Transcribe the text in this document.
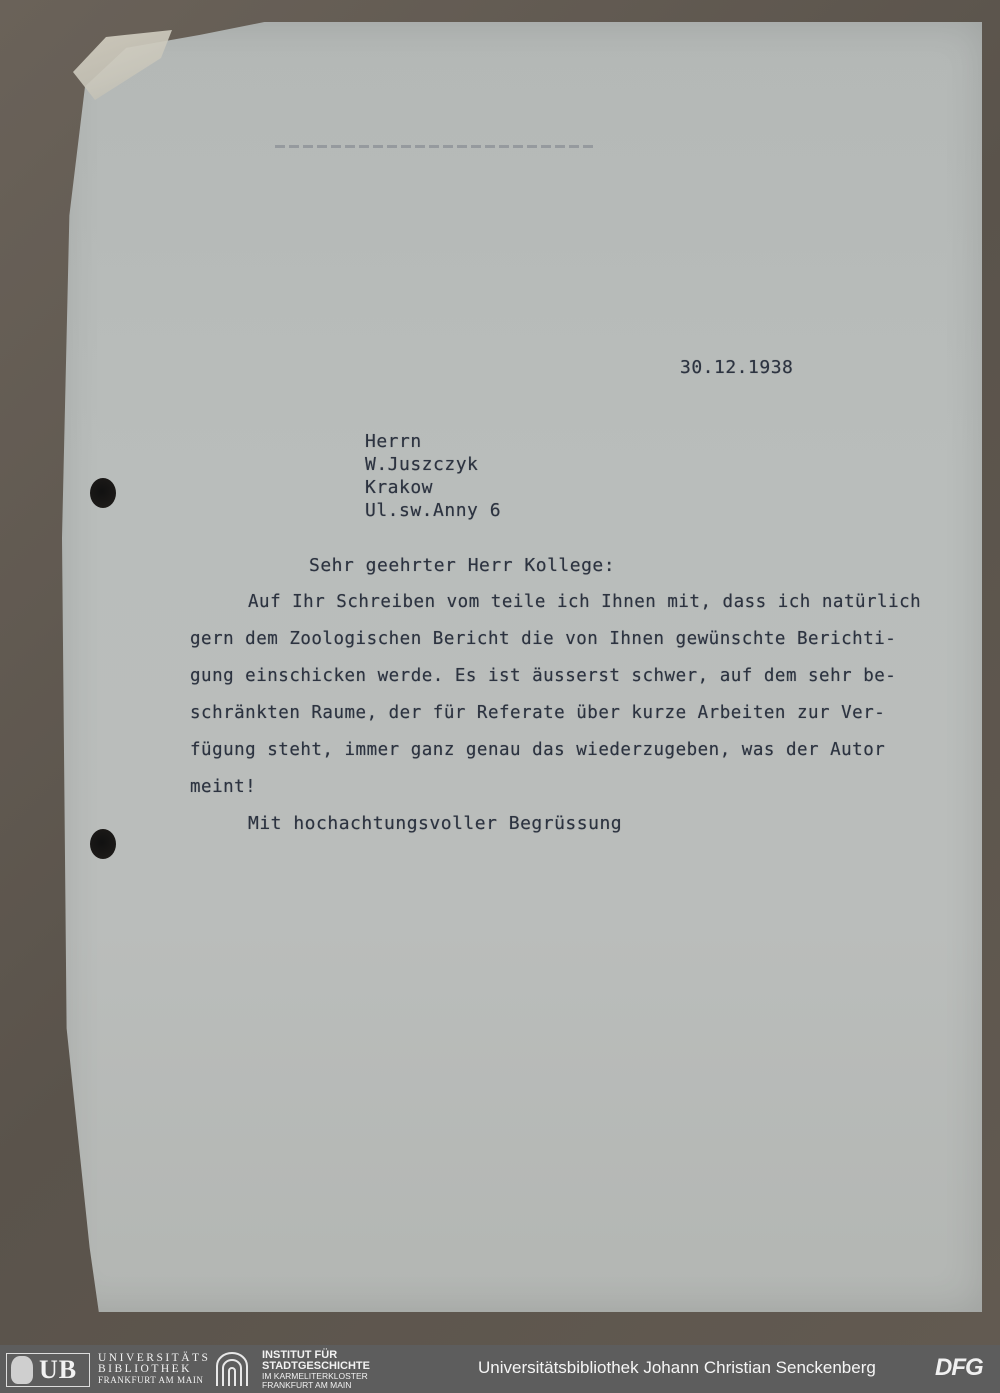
30.12.1938
Herrn
W.Juszczyk
Krakow
Ul.sw.Anny 6
Sehr geehrter Herr Kollege:
Auf Ihr Schreiben vom teile ich Ihnen mit, dass ich natürlich
gern dem Zoologischen Bericht die von Ihnen gewünschte Berichti-
gung einschicken werde. Es ist äusserst schwer, auf dem sehr be-
schränkten Raume, der für Referate über kurze Arbeiten zur Ver-
fügung steht, immer ganz genau das wiederzugeben, was der Autor
meint!
Mit hochachtungsvoller Begrüssung
UB UNIVERSITÄTS
BIBLIOTHEK
FRANKFURT AM MAIN
INSTITUT FÜR
STADTGESCHICHTE
IM KARMELITERKLOSTER
FRANKFURT AM MAIN
Universitätsbibliothek Johann Christian Senckenberg DFG
